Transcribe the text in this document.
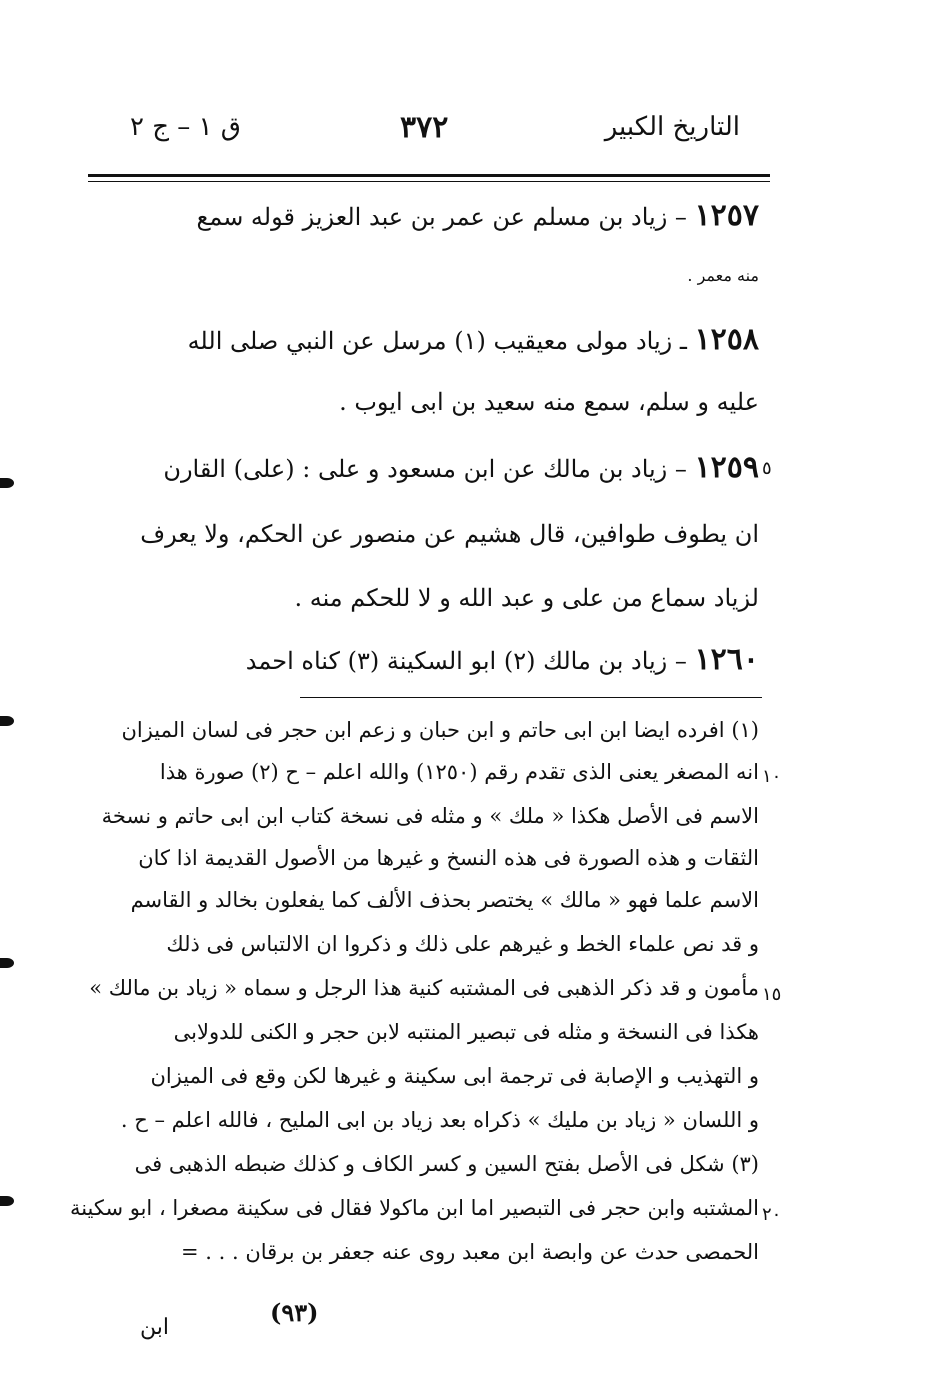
التاريخ الكبير
٣٧٢
ق ١ – ج ٢
١٢٥٧ – زياد بن مسلم عن عمر بن عبد العزيز قوله سمع
منه معمر .
١٢٥٨ ـ زياد مولى معيقيب (١) مرسل عن النبي صلى الله
عليه و سلم، سمع منه سعيد بن ابى ايوب .
٥
١٢٥٩ – زياد بن مالك عن ابن مسعود و على : (على) القارن
ان يطوف طوافين، قال هشيم عن منصور عن الحكم، ولا يعرف
لزياد سماع من على و عبد الله و لا للحكم منه .
١٢٦٠ – زياد بن مالك (٢) ابو السكينة (٣) كناه احمد
(١) افرده ايضا ابن ابى حاتم و ابن حبان و زعم ابن حجر فى لسان الميزان
١٠
انه المصغر يعنى الذى تقدم رقم (١٢٥٠) والله اعلم – ح (٢) صورة هذا
الاسم فى الأصل هكذا « ملك » و مثله فى نسخة كتاب ابن ابى حاتم و نسخة
الثقات و هذه الصورة فى هذه النسخ و غيرها من الأصول القديمة اذا كان
الاسم علما فهو « مالك » يختصر بحذف الألف كما يفعلون بخالد و القاسم
و قد نص علماء الخط و غيرهم على ذلك و ذكروا ان الالتباس فى ذلك
١٥
مأمون و قد ذكر الذهبى فى المشتبه كنية هذا الرجل و سماه « زياد بن مالك »
هكذا فى النسخة و مثله فى تبصير المنتبه لابن حجر و الكنى للدولابى
و التهذيب و الإصابة فى ترجمة ابى سكينة و غيرها لكن وقع فى الميزان
و اللسان « زياد بن مليك » ذكراه بعد زياد بن ابى المليح ، فالله اعلم – ح .
(٣) شكل فى الأصل بفتح السين و كسر الكاف و كذلك ضبطه الذهبى فى
٢٠
المشتبه وابن حجر فى التبصير اما ابن ماكولا فقال فى سكينة مصغرا ، ابو سكينة
الحمصى حدث عن وابصة ابن معبد روى عنه جعفر بن برقان . . . =
(٩٣)
ابن
